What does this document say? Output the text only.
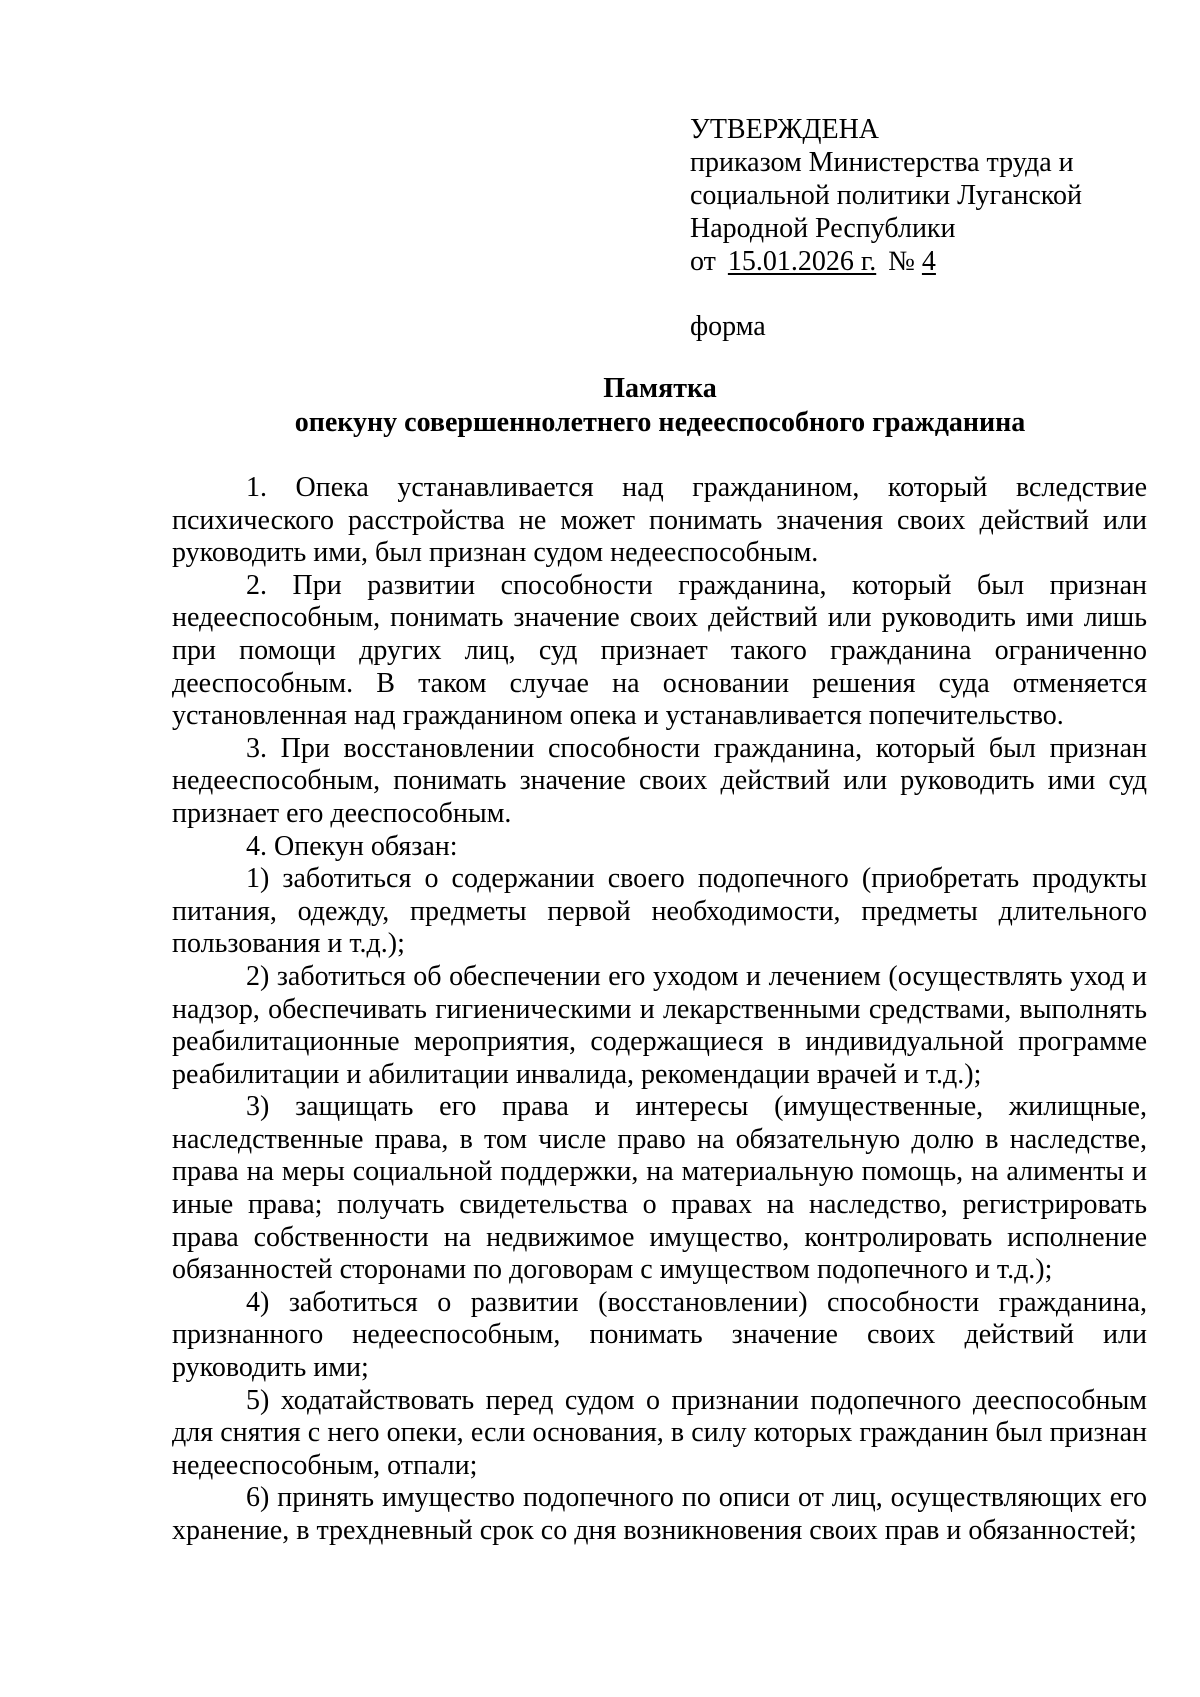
УТВЕРЖДЕНА
приказом Министерства труда и
социальной политики Луганской
Народной Республики
от 15.01.2026 г. № 4
форма
Памятка
опекуну совершеннолетнего недееспособного гражданина

1. Опека устанавливается над гражданином, который вследствие психического расстройства не может понимать значения своих действий или руководить ими, был признан судом недееспособным.

2. При развитии способности гражданина, который был признан недееспособным, понимать значение своих действий или руководить ими лишь при помощи других лиц, суд признает такого гражданина ограниченно дееспособным. В таком случае на основании решения суда отменяется установленная над гражданином опека и устанавливается попечительство.

3. При восстановлении способности гражданина, который был признан недееспособным, понимать значение своих действий или руководить ими суд признает его дееспособным.

4. Опекун обязан:

1) заботиться о содержании своего подопечного (приобретать продукты питания, одежду, предметы первой необходимости, предметы длительного пользования и т.д.);

2) заботиться об обеспечении его уходом и лечением (осуществлять уход и надзор, обеспечивать гигиеническими и лекарственными средствами, выполнять реабилитационные мероприятия, содержащиеся в индивидуальной программе реабилитации и абилитации инвалида, рекомендации врачей и т.д.);

3) защищать его права и интересы (имущественные, жилищные, наследственные права, в том числе право на обязательную долю в наследстве, права на меры социальной поддержки, на материальную помощь, на алименты и иные права; получать свидетельства о правах на наследство, регистрировать права собственности на недвижимое имущество, контролировать исполнение обязанностей сторонами по договорам с имуществом подопечного и т.д.);

4) заботиться о развитии (восстановлении) способности гражданина, признанного недееспособным, понимать значение своих действий или руководить ими;

5) ходатайствовать перед судом о признании подопечного дееспособным для снятия с него опеки, если основания, в силу которых гражданин был признан недееспособным, отпали;

6) принять имущество подопечного по описи от лиц, осуществляющих его хранение, в трехдневный срок со дня возникновения своих прав и обязанностей;
